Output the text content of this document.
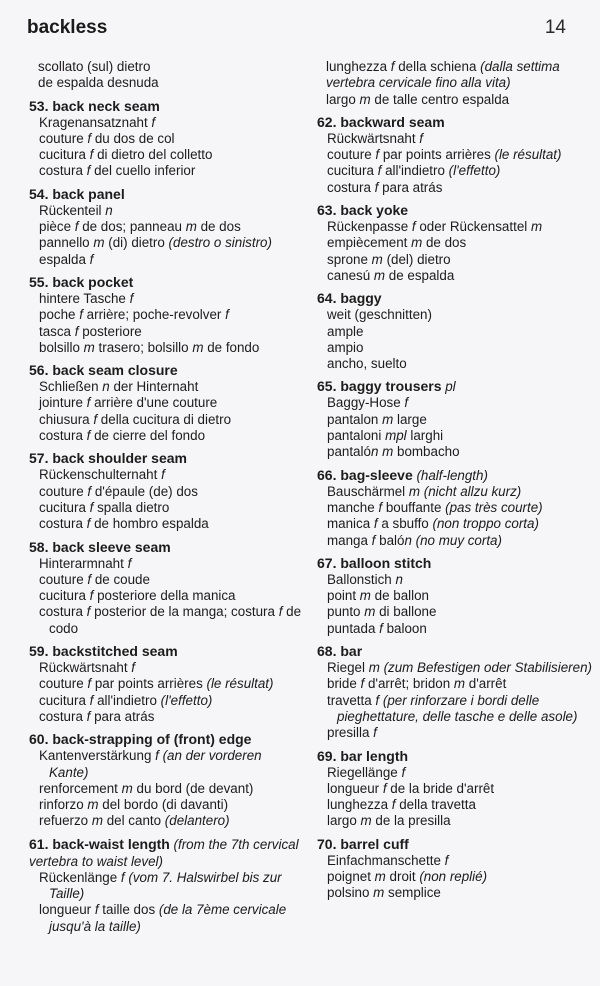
backless	14
scollato (sul) dietro
de espalda desnuda
53. back neck seam
Kragenansatznaht f
couture f du dos de col
cucitura f di dietro del colletto
costura f del cuello inferior
54. back panel
Rückenteil n
pièce f de dos; panneau m de dos
pannello m (di) dietro (destro o sinistro)
espalda f
55. back pocket
hintere Tasche f
poche f arrière; poche-revolver f
tasca f posteriore
bolsillo m trasero; bolsillo m de fondo
56. back seam closure
Schließen n der Hinternaht
jointure f arrière d'une couture
chiusura f della cucitura di dietro
costura f de cierre del fondo
57. back shoulder seam
Rückenschulternaht f
couture f d'épaule (de) dos
cucitura f spalla dietro
costura f de hombro espalda
58. back sleeve seam
Hinterarmnaht f
couture f de coude
cucitura f posteriore della manica
costura f posterior de la manga; costura f de codo
59. backstitched seam
Rückwärtsnaht f
couture f par points arrières (le résultat)
cucitura f all'indietro (l'effetto)
costura f para atrás
60. back-strapping of (front) edge
Kantenverstärkung f (an der vorderen Kante)
renforcement m du bord (de devant)
rinforzo m del bordo (di davanti)
refuerzo m del canto (delantero)
61. back-waist length (from the 7th cervical vertebra to waist level)
Rückenlänge f (vom 7. Halswirbel bis zur Taille)
longueur f taille dos (de la 7ème cervicale jusqu'à la taille)
lunghezza f della schiena (dalla settima vertebra cervicale fino alla vita)
largo m de talle centro espalda
62. backward seam
Rückwärtsnaht f
couture f par points arrières (le résultat)
cucitura f all'indietro (l'effetto)
costura f para atrás
63. back yoke
Rückenpasse f oder Rückensattel m
empiècement m de dos
sprone m (del) dietro
canesú m de espalda
64. baggy
weit (geschnitten)
ample
ampio
ancho, suelto
65. baggy trousers pl
Baggy-Hose f
pantalon m large
pantaloni mpl larghi
pantalón m bombacho
66. bag-sleeve (half-length)
Bauschärmel m (nicht allzu kurz)
manche f bouffante (pas très courte)
manica f a sbuffo (non troppo corta)
manga f balón (no muy corta)
67. balloon stitch
Ballonstich n
point m de ballon
punto m di ballone
puntada f baloon
68. bar
Riegel m (zum Befestigen oder Stabilisieren)
bride f d'arrêt; bridon m d'arrêt
travetta f (per rinforzare i bordi delle pieghettature, delle tasche e delle asole)
presilla f
69. bar length
Riegellänge f
longueur f de la bride d'arrêt
lunghezza f della travetta
largo m de la presilla
70. barrel cuff
Einfachmanschette f
poignet m droit (non replié)
polsino m semplice
